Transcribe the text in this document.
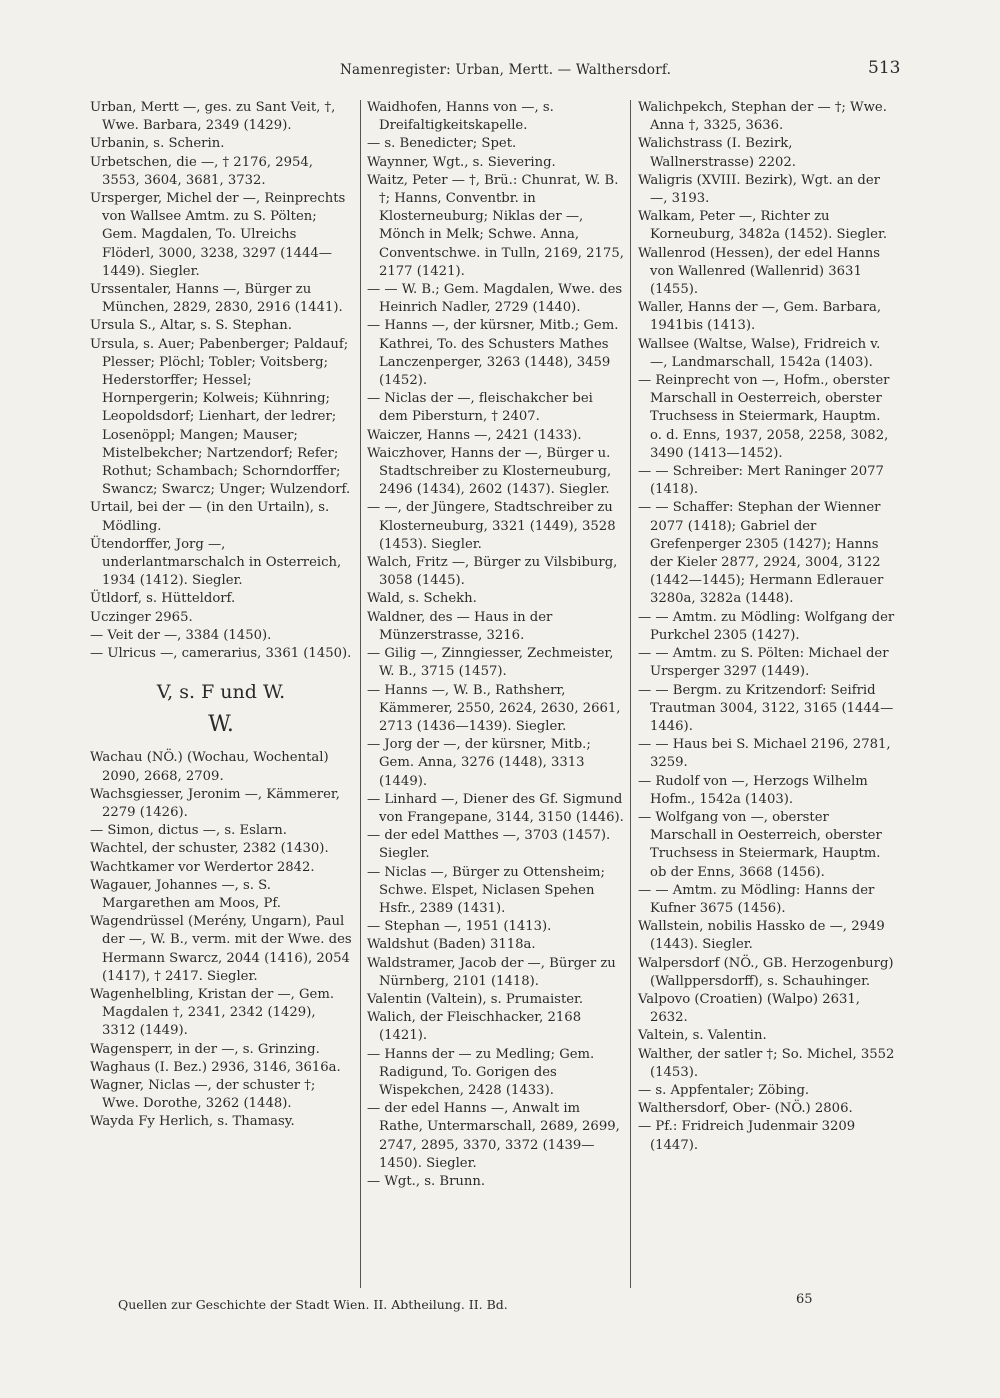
Namenregister: Urban, Mertt. — Walthersdorf.	513

Urban, Mertt —, ges. zu Sant Veit, †, Wwe. Barbara, 2349 (1429).

Urbanin, s. Scherin.

Urbetschen, die —, † 2176, 2954, 3553, 3604, 3681, 3732.

Ursperger, Michel der —, Reinprechts von Wallsee Amtm. zu S. Pölten; Gem. Magdalen, To. Ulreichs Flöderl, 3000, 3238, 3297 (1444—1449). Siegler.

Urssentaler, Hanns —, Bürger zu München, 2829, 2830, 2916 (1441).

Ursula S., Altar, s. S. Stephan.

Ursula, s. Auer; Pabenberger; Paldauf; Plesser; Plöchl; Tobler; Voitsberg; Hederstorffer; Hessel; Hornpergerin; Kolweis; Kühnring; Leopoldsdorf; Lienhart, der ledrer; Losenöppl; Mangen; Mauser; Mistelbekcher; Nartzendorf; Refer; Rothut; Schambach; Schorndorffer; Swancz; Swarcz; Unger; Wulzendorf.

Urtail, bei der — (in den Urtailn), s. Mödling.

Ütendorffer, Jorg —, underlantmarschalch in Osterreich, 1934 (1412). Siegler.

Ütldorf, s. Hütteldorf.

Uczinger 2965.

— Veit der —, 3384 (1450).

— Ulricus —, camerarius, 3361 (1450).

V, s. F und W.
W.

Wachau (NÖ.) (Wochau, Wochental) 2090, 2668, 2709.

Wachsgiesser, Jeronim —, Kämmerer, 2279 (1426).

— Simon, dictus —, s. Eslarn.

Wachtel, der schuster, 2382 (1430).

Wachtkamer vor Werdertor 2842.

Wagauer, Johannes —, s. S. Margarethen am Moos, Pf.

Wagendrüssel (Merény, Ungarn), Paul der —, W. B., verm. mit der Wwe. des Hermann Swarcz, 2044 (1416), 2054 (1417), † 2417. Siegler.

Wagenhelbling, Kristan der —, Gem. Magdalen †, 2341, 2342 (1429), 3312 (1449).

Wagensperr, in der —, s. Grinzing.

Waghaus (I. Bez.) 2936, 3146, 3616a.

Wagner, Niclas —, der schuster †; Wwe. Dorothe, 3262 (1448).

Wayda Fy Herlich, s. Thamasy.

Waidhofen, Hanns von —, s. Dreifaltigkeitskapelle.

— s. Benedicter; Spet.

Waynner, Wgt., s. Sievering.

Waitz, Peter — †, Brü.: Chunrat, W. B. †; Hanns, Conventbr. in Klosterneuburg; Niklas der —, Mönch in Melk; Schwe. Anna, Conventschwe. in Tulln, 2169, 2175, 2177 (1421).

— — W. B.; Gem. Magdalen, Wwe. des Heinrich Nadler, 2729 (1440).

— Hanns —, der kürsner, Mitb.; Gem. Kathrei, To. des Schusters Mathes Lanczenperger, 3263 (1448), 3459 (1452).

— Niclas der —, fleischakcher bei dem Pibersturn, † 2407.

Waiczer, Hanns —, 2421 (1433).

Waiczhover, Hanns der —, Bürger u. Stadtschreiber zu Klosterneuburg, 2496 (1434), 2602 (1437). Siegler.

— —, der Jüngere, Stadtschreiber zu Klosterneuburg, 3321 (1449), 3528 (1453). Siegler.

Walch, Fritz —, Bürger zu Vilsbiburg, 3058 (1445).

Wald, s. Schekh.

Waldner, des — Haus in der Münzerstrasse, 3216.

— Gilig —, Zinngiesser, Zechmeister, W. B., 3715 (1457).

— Hanns —, W. B., Rathsherr, Kämmerer, 2550, 2624, 2630, 2661, 2713 (1436—1439). Siegler.

— Jorg der —, der kürsner, Mitb.; Gem. Anna, 3276 (1448), 3313 (1449).

— Linhard —, Diener des Gf. Sigmund von Frangepane, 3144, 3150 (1446).

— der edel Matthes —, 3703 (1457). Siegler.

— Niclas —, Bürger zu Ottensheim; Schwe. Elspet, Niclasen Spehen Hsfr., 2389 (1431).

— Stephan —, 1951 (1413).

Waldshut (Baden) 3118a.

Waldstramer, Jacob der —, Bürger zu Nürnberg, 2101 (1418).

Valentin (Valtein), s. Prumaister.

Walich, der Fleischhacker, 2168 (1421).

— Hanns der — zu Medling; Gem. Radigund, To. Gorigen des Wispekchen, 2428 (1433).

— der edel Hanns —, Anwalt im Rathe, Untermarschall, 2689, 2699, 2747, 2895, 3370, 3372 (1439—1450). Siegler.

— Wgt., s. Brunn.

Walichpekch, Stephan der — †; Wwe. Anna †, 3325, 3636.

Walichstrass (I. Bezirk, Wallnerstrasse) 2202.

Waligris (XVIII. Bezirk), Wgt. an der —, 3193.

Walkam, Peter —, Richter zu Korneuburg, 3482a (1452). Siegler.

Wallenrod (Hessen), der edel Hanns von Wallenred (Wallenrid) 3631 (1455).

Waller, Hanns der —, Gem. Barbara, 1941bis (1413).

Wallsee (Waltse, Walse), Fridreich v. —, Landmarschall, 1542a (1403).

— Reinprecht von —, Hofm., oberster Marschall in Oesterreich, oberster Truchsess in Steiermark, Hauptm. o. d. Enns, 1937, 2058, 2258, 3082, 3490 (1413—1452).

— — Schreiber: Mert Raninger 2077 (1418).

— — Schaffer: Stephan der Wienner 2077 (1418); Gabriel der Grefenperger 2305 (1427); Hanns der Kieler 2877, 2924, 3004, 3122 (1442—1445); Hermann Edlerauer 3280a, 3282a (1448).

— — Amtm. zu Mödling: Wolfgang der Purkchel 2305 (1427).

— — Amtm. zu S. Pölten: Michael der Ursperger 3297 (1449).

— — Bergm. zu Kritzendorf: Seifrid Trautman 3004, 3122, 3165 (1444—1446).

— — Haus bei S. Michael 2196, 2781, 3259.

— Rudolf von —, Herzogs Wilhelm Hofm., 1542a (1403).

— Wolfgang von —, oberster Marschall in Oesterreich, oberster Truchsess in Steiermark, Hauptm. ob der Enns, 3668 (1456).

— — Amtm. zu Mödling: Hanns der Kufner 3675 (1456).

Wallstein, nobilis Hassko de —, 2949 (1443). Siegler.

Walpersdorf (NÖ., GB. Herzogenburg) (Wallppersdorff), s. Schauhinger.

Valpovo (Croatien) (Walpo) 2631, 2632.

Valtein, s. Valentin.

Walther, der satler †; So. Michel, 3552 (1453).

— s. Appfentaler; Zöbing.

Walthersdorf, Ober- (NÖ.) 2806.

— Pf.: Fridreich Judenmair 3209 (1447).

Quellen zur Geschichte der Stadt Wien. II. Abtheilung. II. Bd.	65
